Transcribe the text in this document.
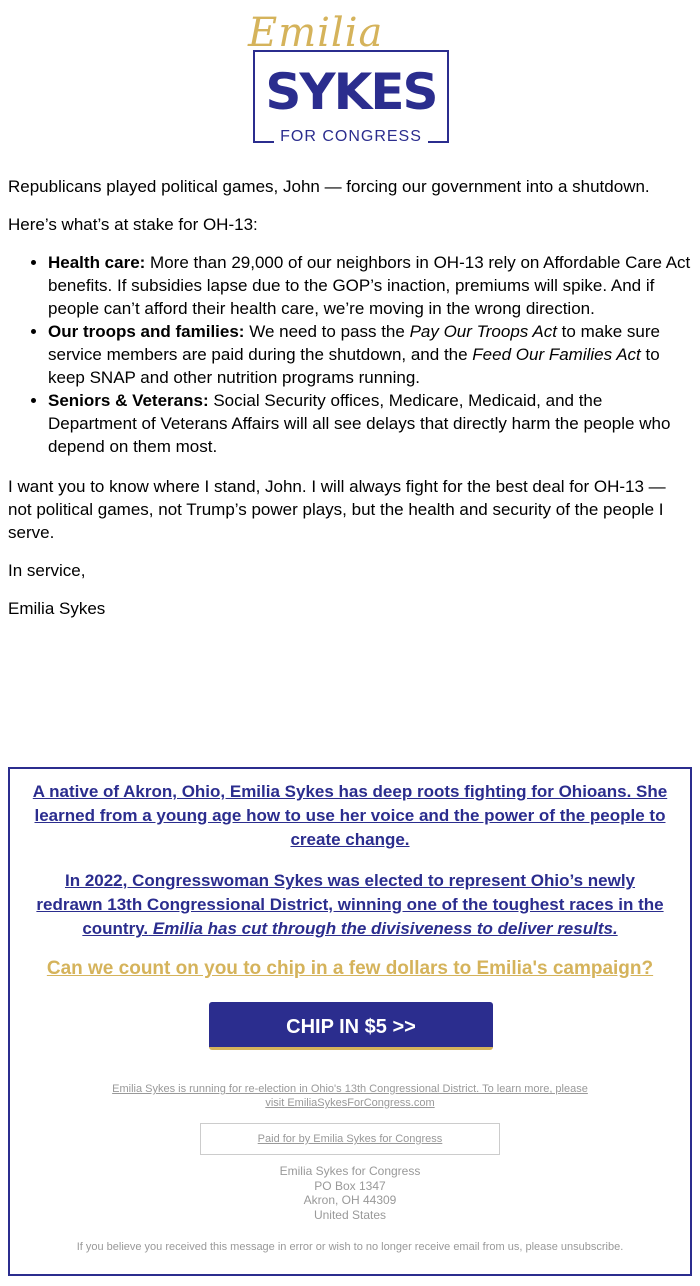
Emilia
SYKES
FOR CONGRESS

Republicans played political games, John — forcing our government into a shutdown.

Here’s what’s at stake for OH-13:

• Health care: More than 29,000 of our neighbors in OH-13 rely on Affordable Care Act benefits. If subsidies lapse due to the GOP’s inaction, premiums will spike. And if people can’t afford their health care, we’re moving in the wrong direction.
• Our troops and families: We need to pass the Pay Our Troops Act to make sure service members are paid during the shutdown, and the Feed Our Families Act to keep SNAP and other nutrition programs running.
• Seniors & Veterans: Social Security offices, Medicare, Medicaid, and the Department of Veterans Affairs will all see delays that directly harm the people who depend on them most.

I want you to know where I stand, John. I will always fight for the best deal for OH-13 — not political games, not Trump’s power plays, but the health and security of the people I serve.

In service,

Emilia Sykes

A native of Akron, Ohio, Emilia Sykes has deep roots fighting for Ohioans. She learned from a young age how to use her voice and the power of the people to create change.

In 2022, Congresswoman Sykes was elected to represent Ohio’s newly redrawn 13th Congressional District, winning one of the toughest races in the country. Emilia has cut through the divisiveness to deliver results.

Can we count on you to chip in a few dollars to Emilia's campaign?

CHIP IN $5 >>
Emilia Sykes is running for re-election in Ohio's 13th Congressional District. To learn more, please
visit EmiliaSykesForCongress.com
Paid for by Emilia Sykes for Congress
Emilia Sykes for Congress
PO Box 1347
Akron, OH 44309
United States
If you believe you received this message in error or wish to no longer receive email from us, please unsubscribe.
